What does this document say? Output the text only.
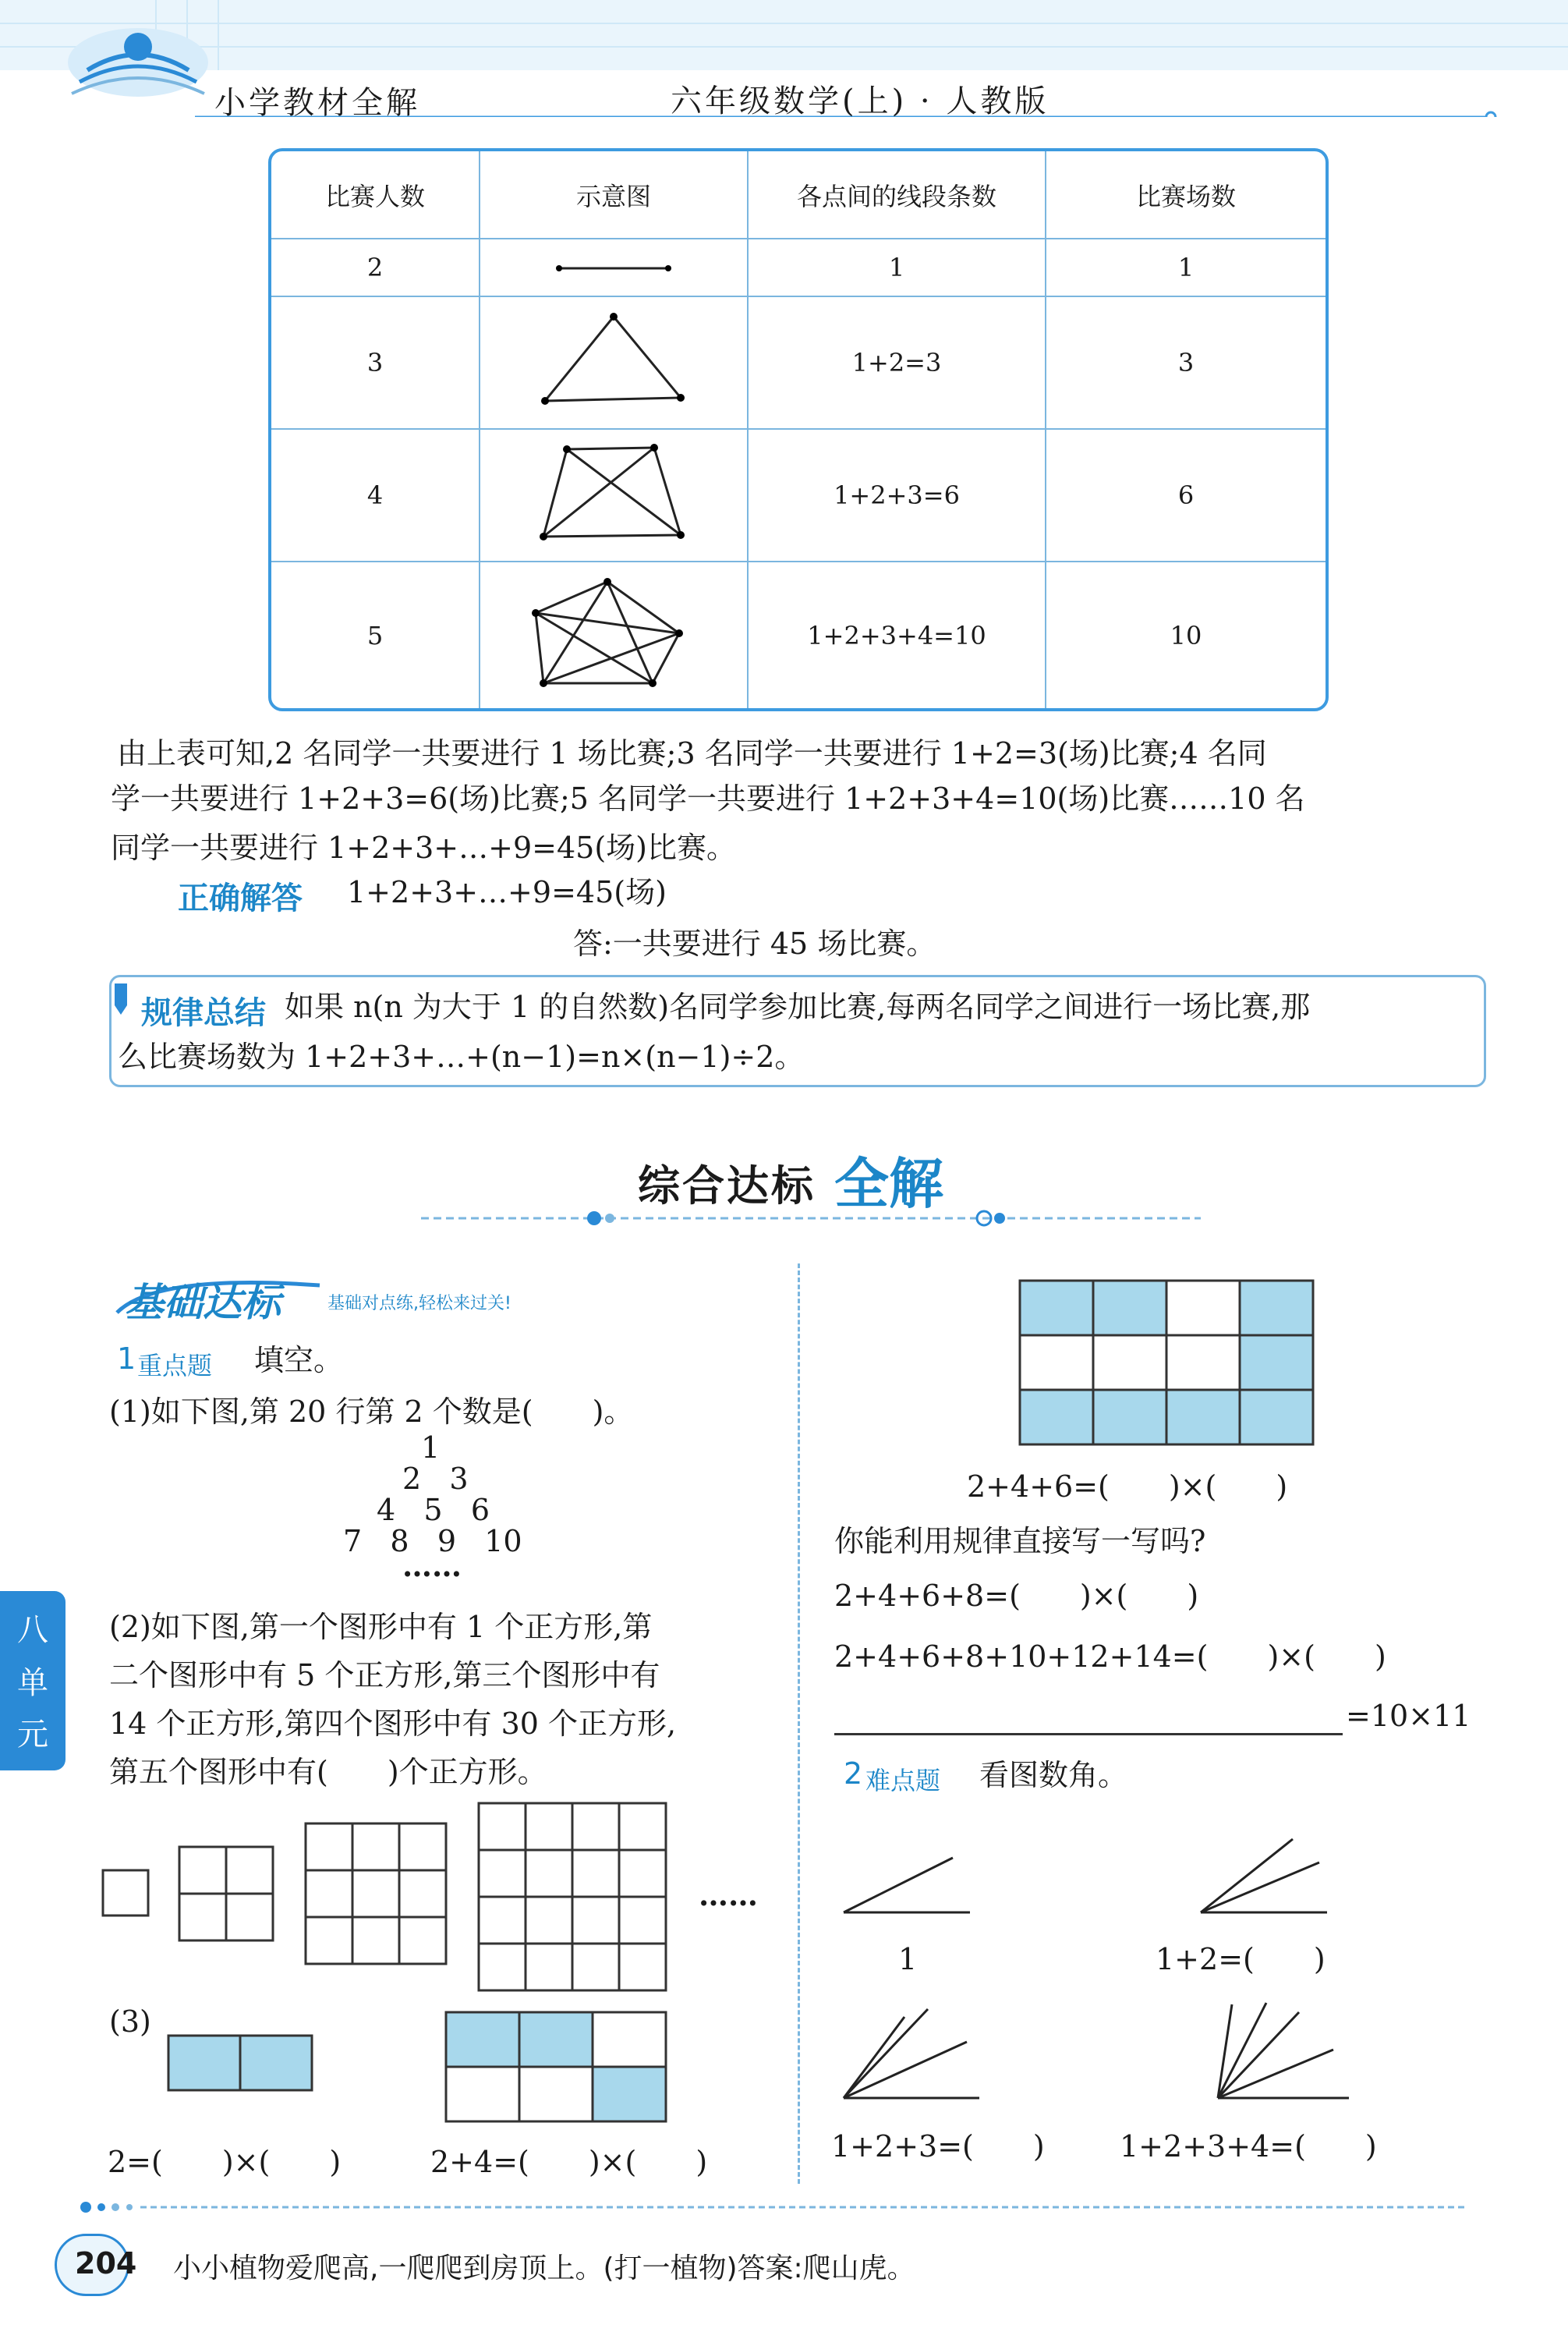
小学教材全解	六年级数学(上) · 人教版
比赛人数	示意图	各点间的线段条数	比赛场数
2		1	1
3		1+2=3	3
4		1+2+3=6	6
5		1+2+3+4=10	10
由上表可知,2 名同学一共要进行 1 场比赛;3 名同学一共要进行 1+2=3(场)比赛;4 名同
学一共要进行 1+2+3=6(场)比赛;5 名同学一共要进行 1+2+3+4=10(场)比赛……10 名
同学一共要进行 1+2+3+…+9=45(场)比赛。
正确解答 1+2+3+…+9=45(场)
答:一共要进行 45 场比赛。
规律总结 如果 n(n 为大于 1 的自然数)名同学参加比赛,每两名同学之间进行一场比赛,那
么比赛场数为 1+2+3+…+(n−1)=n×(n−1)÷2。
综合达标 全解
基础达标	基础对点练,轻松来过关!
1 重点题 填空。
(1)如下图,第 20 行第 2 个数是(　　)。
1
2   3
4   5   6
7   8   9   10
……
(2)如下图,第一个图形中有 1 个正方形,第
二个图形中有 5 个正方形,第三个图形中有
14 个正方形,第四个图形中有 30 个正方形,
第五个图形中有(　　)个正方形。
……
(3)
2=(　　)×(　　)	2+4=(　　)×(　　)
2+4+6=(　　)×(　　)
你能利用规律直接写一写吗?
2+4+6+8=(　　)×(　　)
2+4+6+8+10+12+14=(　　)×(　　)
=10×11
2 难点题 看图数角。
1	1+2=(　　)
1+2+3=(　　)	1+2+3+4=(　　)
八
单
元
204 小小植物爱爬高,一爬爬到房顶上。(打一植物)答案:爬山虎。
